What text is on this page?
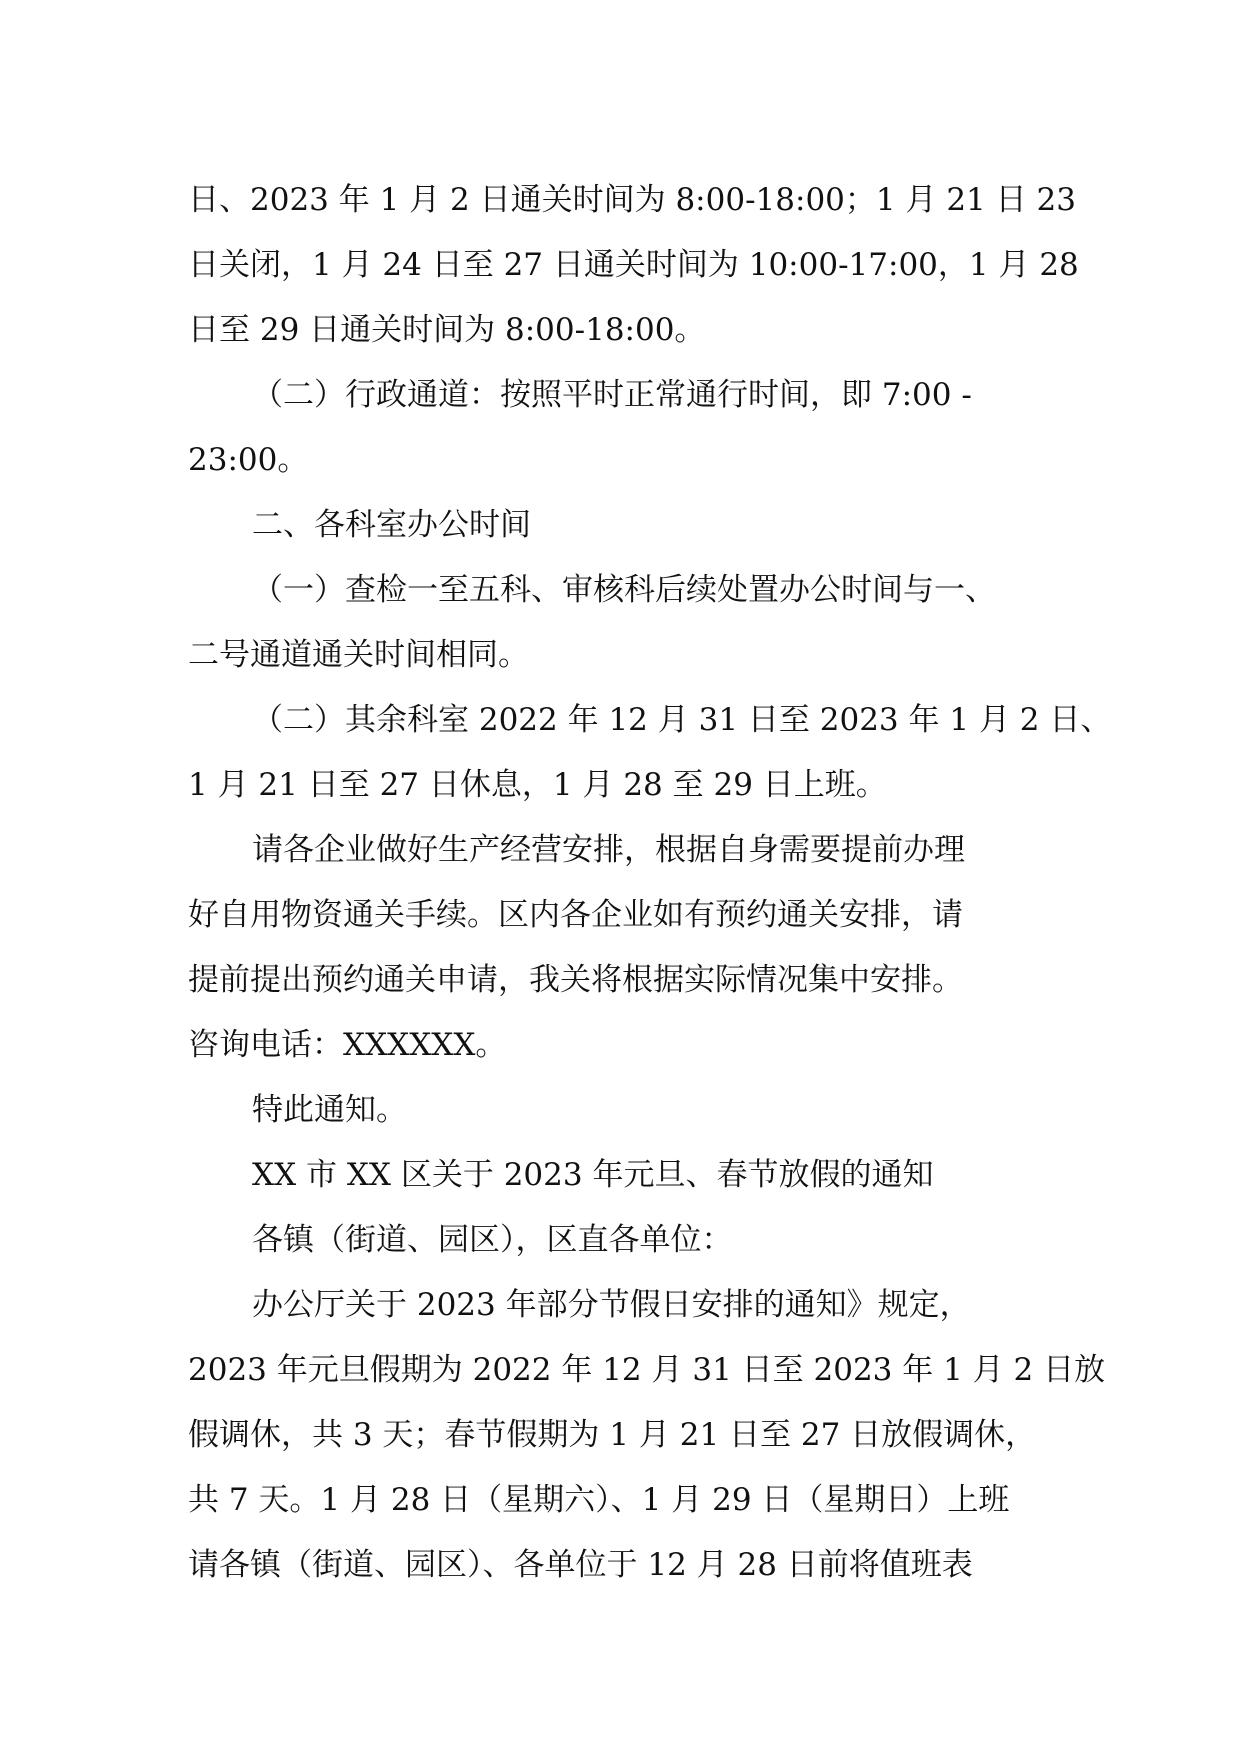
日、2023 年 1 月 2 日通关时间为 8:00-18:00；1 月 21 日 23
日关闭，1 月 24 日至 27 日通关时间为 10:00-17:00，1 月 28
日至 29 日通关时间为 8:00-18:00。
（二）行政通道：按照平时正常通行时间，即 7:00 -
23:00。
二、各科室办公时间
（一）查检一至五科、审核科后续处置办公时间与一、
二号通道通关时间相同。
（二）其余科室 2022 年 12 月 31 日至 2023 年 1 月 2 日、
1 月 21 日至 27 日休息，1 月 28 至 29 日上班。
请各企业做好生产经营安排，根据自身需要提前办理
好自用物资通关手续。区内各企业如有预约通关安排，请
提前提出预约通关申请，我关将根据实际情况集中安排。
咨询电话：XXXXXX。
特此通知。
XX 市 XX 区关于 2023 年元旦、春节放假的通知
各镇（街道、园区），区直各单位：
办公厅关于 2023 年部分节假日安排的通知》规定，
2023 年元旦假期为 2022 年 12 月 31 日至 2023 年 1 月 2 日放
假调休，共 3 天；春节假期为 1 月 21 日至 27 日放假调休，
共 7 天。1 月 28 日（星期六）、1 月 29 日（星期日）上班
请各镇（街道、园区）、各单位于 12 月 28 日前将值班表
